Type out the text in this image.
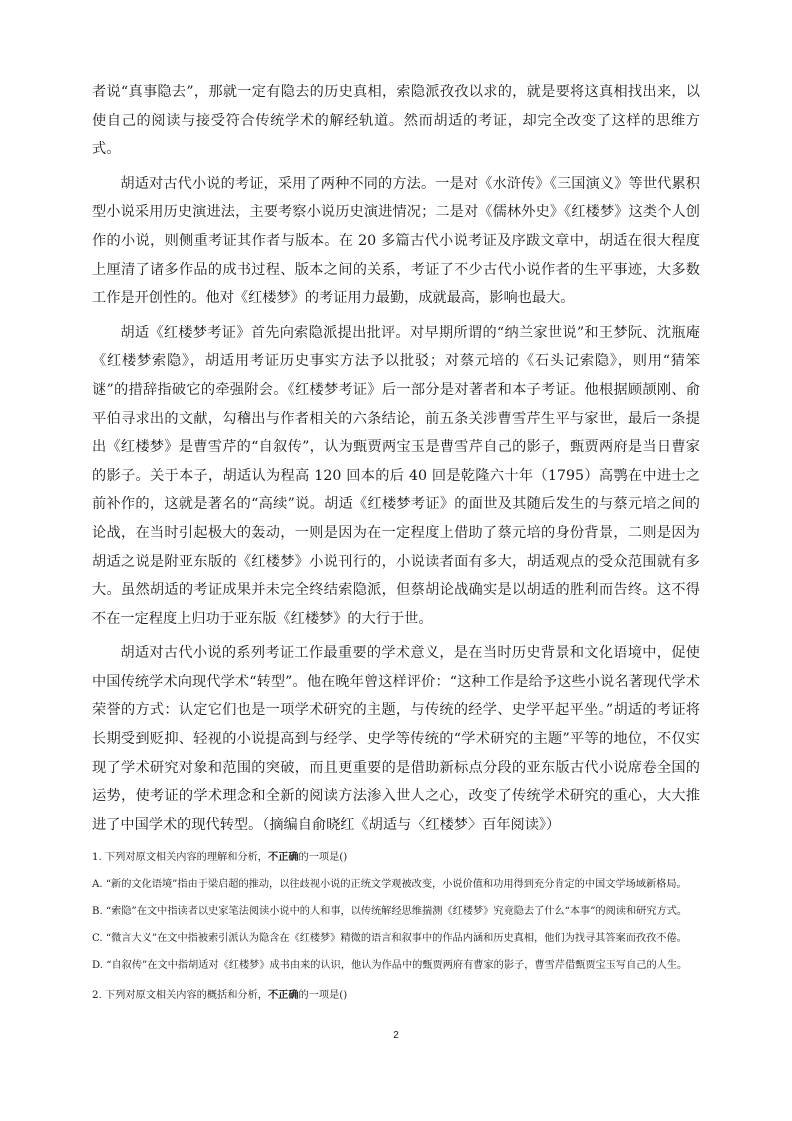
者说“真事隐去”，那就一定有隐去的历史真相，索隐派孜孜以求的，就是要将这真相找出来，以使自己的阅读与接受符合传统学术的解经轨道。然而胡适的考证，却完全改变了这样的思维方式。

胡适对古代小说的考证，采用了两种不同的方法。一是对《水浒传》《三国演义》等世代累积型小说采用历史演进法，主要考察小说历史演进情况；二是对《儒林外史》《红楼梦》这类个人创作的小说，则侧重考证其作者与版本。在 20 多篇古代小说考证及序跋文章中，胡适在很大程度上厘清了诸多作品的成书过程、版本之间的关系，考证了不少古代小说作者的生平事迹，大多数工作是开创性的。他对《红楼梦》的考证用力最勤，成就最高，影响也最大。

胡适《红楼梦考证》首先向索隐派提出批评。对早期所谓的“纳兰家世说”和王梦阮、沈瓶庵《红楼梦索隐》，胡适用考证历史事实方法予以批驳；对蔡元培的《石头记索隐》，则用“猜笨谜”的措辞指破它的牵强附会。《红楼梦考证》后一部分是对著者和本子考证。他根据顾颉刚、俞平伯寻求出的文献，勾稽出与作者相关的六条结论，前五条关涉曹雪芹生平与家世，最后一条提出《红楼梦》是曹雪芹的“自叙传”，认为甄贾两宝玉是曹雪芹自己的影子，甄贾两府是当日曹家的影子。关于本子，胡适认为程高 120 回本的后 40 回是乾隆六十年（1795）高鹗在中进士之前补作的，这就是著名的“高续”说。胡适《红楼梦考证》的面世及其随后发生的与蔡元培之间的论战，在当时引起极大的轰动，一则是因为在一定程度上借助了蔡元培的身份背景，二则是因为胡适之说是附亚东版的《红楼梦》小说刊行的，小说读者面有多大，胡适观点的受众范围就有多大。虽然胡适的考证成果并未完全终结索隐派，但蔡胡论战确实是以胡适的胜利而告终。这不得不在一定程度上归功于亚东版《红楼梦》的大行于世。

胡适对古代小说的系列考证工作最重要的学术意义，是在当时历史背景和文化语境中，促使中国传统学术向现代学术“转型”。他在晚年曾这样评价：“这种工作是给予这些小说名著现代学术荣誉的方式：认定它们也是一项学术研究的主题，与传统的经学、史学平起平坐。”胡适的考证将长期受到贬抑、轻视的小说提高到与经学、史学等传统的“学术研究的主题”平等的地位，不仅实现了学术研究对象和范围的突破，而且更重要的是借助新标点分段的亚东版古代小说席卷全国的运势，使考证的学术理念和全新的阅读方法渗入世人之心，改变了传统学术研究的重心，大大推进了中国学术的现代转型。（摘编自俞晓红《胡适与〈红楼梦〉百年阅读》）

1. 下列对原文相关内容的理解和分析，不正确的一项是()

A. “新的文化语境”指由于梁启超的推动，以往歧视小说的正统文学观被改变，小说价值和功用得到充分肯定的中国文学场域新格局。

B. “索隐”在文中指读者以史家笔法阅读小说中的人和事，以传统解经思维揣测《红楼梦》究竟隐去了什么“本事”的阅读和研究方式。

C. “微言大义”在文中指被索引派认为隐含在《红楼梦》精微的语言和叙事中的作品内涵和历史真相，他们为找寻其答案而孜孜不倦。

D. “自叙传”在文中指胡适对《红楼梦》成书由来的认识，他认为作品中的甄贾两府有曹家的影子，曹雪芹借甄贾宝玉写自己的人生。

2. 下列对原文相关内容的概括和分析，不正确的一项是()

2
